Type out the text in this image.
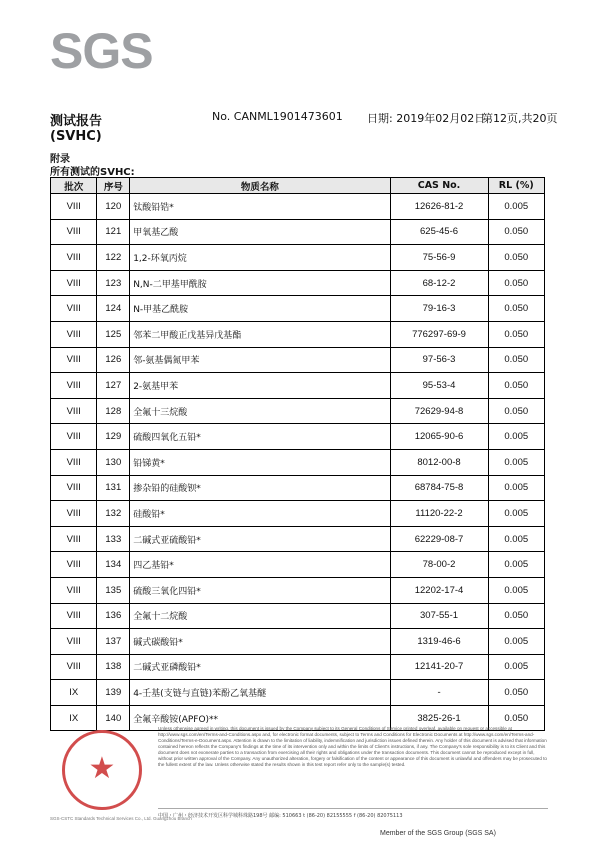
SGS
测试报告	No. CANML1901473601 日期: 2019年02月02日
第12页,共20页
(SVHC)
附录
所有测试的SVHC:
批次	序号	物质名称	CAS No.	RL (%)
VIII	120	钛酸铅锆*	12626-81-2	0.005
VIII	121	甲氧基乙酸	625-45-6	0.050
VIII	122	1,2-环氧丙烷	75-56-9	0.050
VIII	123	N,N-二甲基甲酰胺	68-12-2	0.050
VIII	124	N-甲基乙酰胺	79-16-3	0.050
VIII	125	邻苯二甲酸正戊基异戊基酯	776297-69-9	0.050
VIII	126	邻-氨基偶氮甲苯	97-56-3	0.050
VIII	127	2-氨基甲苯	95-53-4	0.050
VIII	128	全氟十三烷酸	72629-94-8	0.050
VIII	129	硫酸四氧化五铅*	12065-90-6	0.005
VIII	130	铅锑黄*	8012-00-8	0.005
VIII	131	掺杂铅的硅酸钡*	68784-75-8	0.005
VIII	132	硅酸铅*	11120-22-2	0.005
VIII	133	二碱式亚硫酸铅*	62229-08-7	0.005
VIII	134	四乙基铅*	78-00-2	0.005
VIII	135	硫酸三氧化四铅*	12202-17-4	0.005
VIII	136	全氟十二烷酸	307-55-1	0.050
VIII	137	碱式碳酸铅*	1319-46-6	0.005
VIII	138	二碱式亚磷酸铅*	12141-20-7	0.005
IX	139	4-壬基(支链与直链)苯酚乙氧基醚	-	0.050
IX	140	全氟辛酸铵(APFO)**	3825-26-1	0.050
★
SGS-CSTC Standards Technical Services Co., Ltd. Guangzhou Branch
Unless otherwise agreed in writing, this document is issued by the Company subject to its General Conditions of Service printed overleaf, available on request or accessible at http://www.sgs.com/en/Terms-and-Conditions.aspx and, for electronic format documents, subject to Terms and Conditions for Electronic Documents at http://www.sgs.com/en/Terms-and-Conditions/Terms-e-Document.aspx. Attention is drawn to the limitation of liability, indemnification and jurisdiction issues defined therein. Any holder of this document is advised that information contained hereon reflects the Company's findings at the time of its intervention only and within the limits of Client's instructions, if any. The Company's sole responsibility is to its Client and this document does not exonerate parties to a transaction from exercising all their rights and obligations under the transaction documents. This document cannot be reproduced except in full, without prior written approval of the Company. Any unauthorized alteration, forgery or falsification of the content or appearance of this document is unlawful and offenders may be prosecuted to the fullest extent of the law. Unless otherwise stated the results shown in this test report refer only to the sample(s) tested.
中国・广州・经济技术开发区科学城科珠路198号 邮编: 510663 t (86-20) 82155555 f (86-20) 82075113
Member of the SGS Group (SGS SA)
